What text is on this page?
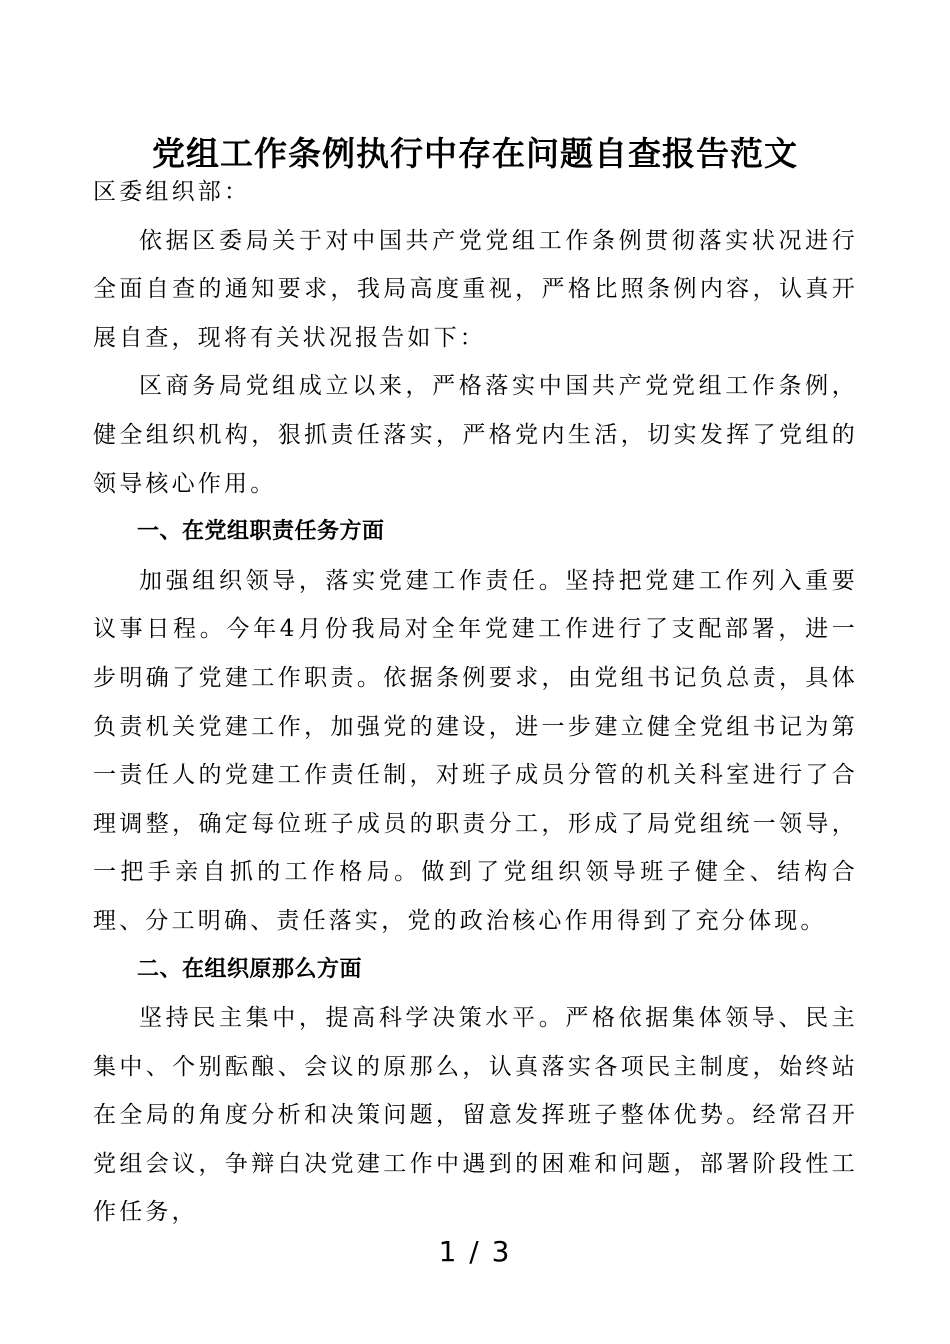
党组工作条例执行中存在问题自查报告范文

区委组织部：

依据区委局关于对中国共产党党组工作条例贯彻落实状况进行全面自查的通知要求，我局高度重视，严格比照条例内容，认真开展自查，现将有关状况报告如下：

区商务局党组成立以来，严格落实中国共产党党组工作条例，健全组织机构，狠抓责任落实，严格党内生活，切实发挥了党组的领导核心作用。

一、在党组职责任务方面

加强组织领导，落实党建工作责任。坚持把党建工作列入重要议事日程。今年4月份我局对全年党建工作进行了支配部署，进一步明确了党建工作职责。依据条例要求，由党组书记负总责，具体负责机关党建工作，加强党的建设，进一步建立健全党组书记为第一责任人的党建工作责任制，对班子成员分管的机关科室进行了合理调整，确定每位班子成员的职责分工，形成了局党组统一领导，一把手亲自抓的工作格局。做到了党组织领导班子健全、结构合理、分工明确、责任落实，党的政治核心作用得到了充分体现。

二、在组织原那么方面

坚持民主集中，提高科学决策水平。严格依据集体领导、民主集中、个别酝酿、会议的原那么，认真落实各项民主制度，始终站在全局的角度分析和决策问题，留意发挥班子整体优势。经常召开党组会议，争辩白决党建工作中遇到的困难和问题，部署阶段性工作任务，

1 / 3
